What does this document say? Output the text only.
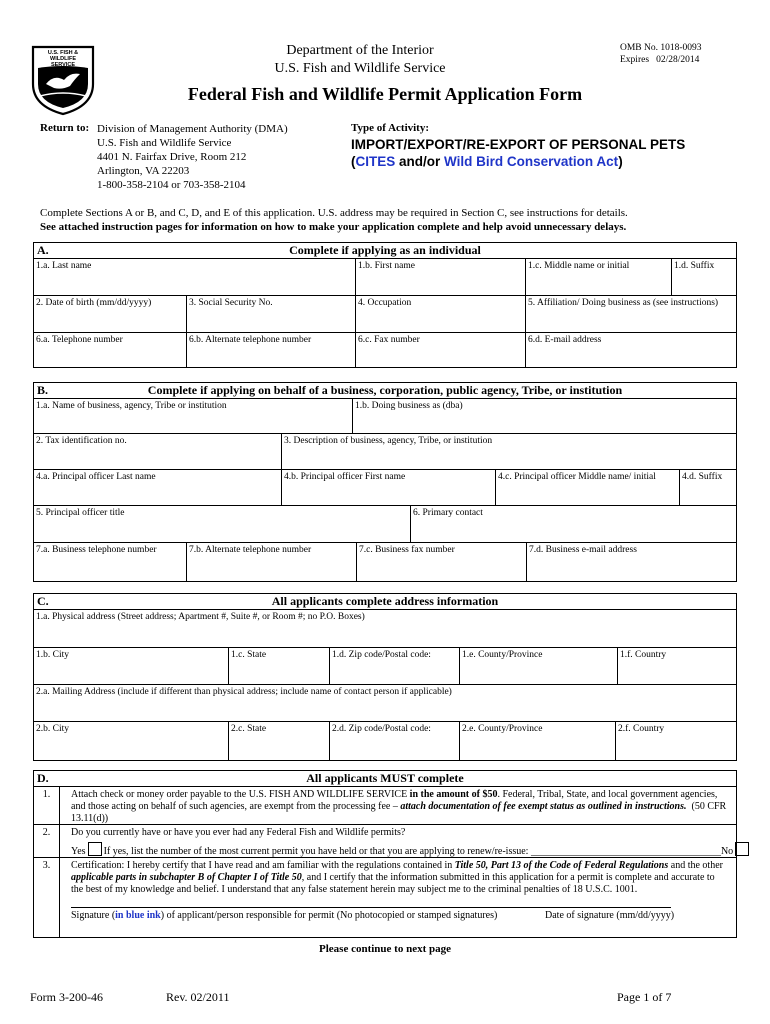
U.S. FISH & WILDLIFE SERVICE
Department of the Interior
U.S. Fish and Wildlife Service
OMB No. 1018-0093
Expires   02/28/2014
Federal Fish and Wildlife Permit Application Form
Return to: Division of Management Authority (DMA)
U.S. Fish and Wildlife Service
4401 N. Fairfax Drive, Room 212
Arlington, VA 22203
1-800-358-2104 or 703-358-2104
Type of Activity:
IMPORT/EXPORT/RE-EXPORT OF PERSONAL PETS
(CITES and/or Wild Bird Conservation Act)
Complete Sections A or B, and C, D, and E of this application. U.S. address may be required in Section C, see instructions for details.
See attached instruction pages for information on how to make your application complete and help avoid unnecessary delays.
Complete if applying as an individual
A.
1.a. Last name	1.b. First name	1.c. Middle name or initial	1.d. Suffix
2. Date of birth (mm/dd/yyyy)	3. Social Security No.	4. Occupation	5. Affiliation/ Doing business as (see instructions)
6.a. Telephone number	6.b. Alternate telephone number	6.c. Fax number	6.d. E-mail address
Complete if applying on behalf of a business, corporation, public agency, Tribe, or institution
B.
1.a. Name of business, agency, Tribe or institution	1.b. Doing business as (dba)
2. Tax identification no.	3. Description of business, agency, Tribe, or institution
4.a. Principal officer Last name	4.b. Principal officer First name	4.c. Principal officer Middle name/ initial	4.d. Suffix
5. Principal officer title	6. Primary contact
7.a. Business telephone number	7.b. Alternate telephone number	7.c. Business fax number	7.d. Business e-mail address
All applicants complete address information
C.
1.a. Physical address (Street address; Apartment #, Suite #, or Room #; no P.O. Boxes)
1.b. City	1.c. State	1.d. Zip code/Postal code:	1.e. County/Province	1.f. Country
2.a. Mailing Address (include if different than physical address; include name of contact person if applicable)
2.b. City	2.c. State	2.d. Zip code/Postal code:	2.e. County/Province	2.f. Country
All applicants MUST complete
D.
1.	Attach check or money order payable to the U.S. FISH AND WILDLIFE SERVICE in the amount of $50. Federal, Tribal, State, and local government agencies, and those acting on behalf of such agencies, are exempt from the processing fee – attach documentation of fee exempt status as outlined in instructions.  (50 CFR 13.11(d))
2.	Do you currently have or have you ever had any Federal Fish and Wildlife permits?
Yes If yes, list the number of the most current permit you have held or that you are applying to renew/re-issue: ______________________________________No
3.	Certification: I hereby certify that I have read and am familiar with the regulations contained in Title 50, Part 13 of the Code of Federal Regulations and the other applicable parts in subchapter B of Chapter I of Title 50, and I certify that the information submitted in this application for a permit is complete and accurate to the best of my knowledge and belief. I understand that any false statement herein may subject me to the criminal penalties of 18 U.S.C. 1001.
Signature (in blue ink) of applicant/person responsible for permit (No photocopied or stamped signatures)	Date of signature (mm/dd/yyyy)
Please continue to next page
Form 3-200-46	Rev. 02/2011	Page 1 of 7
